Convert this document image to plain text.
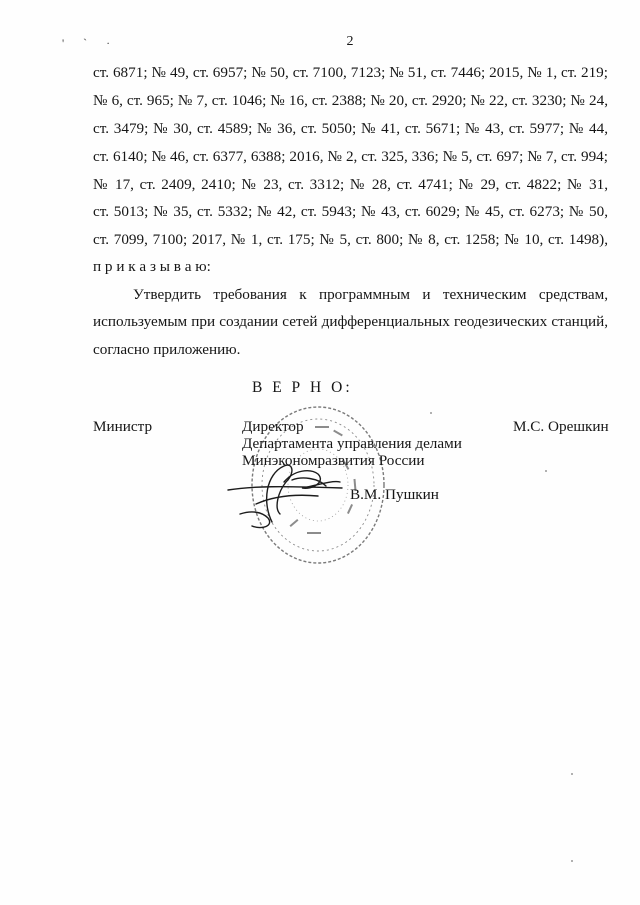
' ` ·	2
ст. 6871; № 49, ст. 6957; № 50, ст. 7100, 7123; № 51, ст. 7446; 2015, № 1, ст. 219;
№ 6, ст. 965; № 7, ст. 1046; № 16, ст. 2388; № 20, ст. 2920; № 22, ст. 3230; № 24,
ст. 3479; № 30, ст. 4589; № 36, ст. 5050; № 41, ст. 5671; № 43, ст. 5977; № 44,
ст. 6140; № 46, ст. 6377, 6388; 2016, № 2, ст. 325, 336; № 5, ст. 697; № 7, ст. 994;
№ 17, ст. 2409, 2410; № 23, ст. 3312; № 28, ст. 4741; № 29, ст. 4822; № 31,
ст. 5013; № 35, ст. 5332; № 42, ст. 5943; № 43, ст. 6029; № 45, ст. 6273; № 50,
ст. 7099, 7100; 2017, № 1, ст. 175; № 5, ст. 800; № 8, ст. 1258; № 10, ст. 1498),
п р и к а з ы в а ю:
Утвердить требования к программным и техническим средствам,
используемым при создании сетей дифференциальных геодезических станций,
согласно приложению.
В Е Р Н О:
Министр	Директор
Департамента управления делами
Минэкономразвития России
В.М. Пушкин
М.С. Орешкин
